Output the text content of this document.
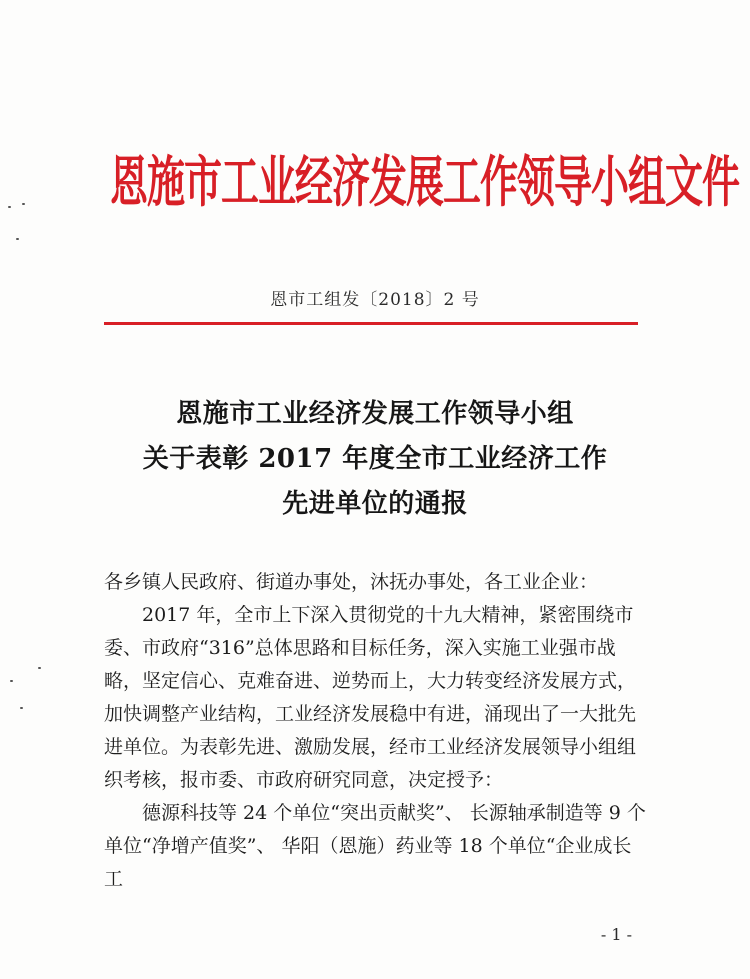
恩施市工业经济发展工作领导小组文件
恩市工组发〔2018〕2 号
恩施市工业经济发展工作领导小组
关于表彰 2017 年度全市工业经济工作
先进单位的通报

各乡镇人民政府、街道办事处，沐抚办事处，各工业企业：

2017 年，全市上下深入贯彻党的十九大精神，紧密围绕市委、市政府“316”总体思路和目标任务，深入实施工业强市战略，坚定信心、克难奋进、逆势而上，大力转变经济发展方式，加快调整产业结构，工业经济发展稳中有进，涌现出了一大批先进单位。为表彰先进、激励发展，经市工业经济发展领导小组组织考核，报市委、市政府研究同意，决定授予：

德源科技等 24 个单位“突出贡献奖”、 长源轴承制造等 9 个单位“净增产值奖”、 华阳（恩施）药业等 18 个单位“企业成长工

- 1 -
